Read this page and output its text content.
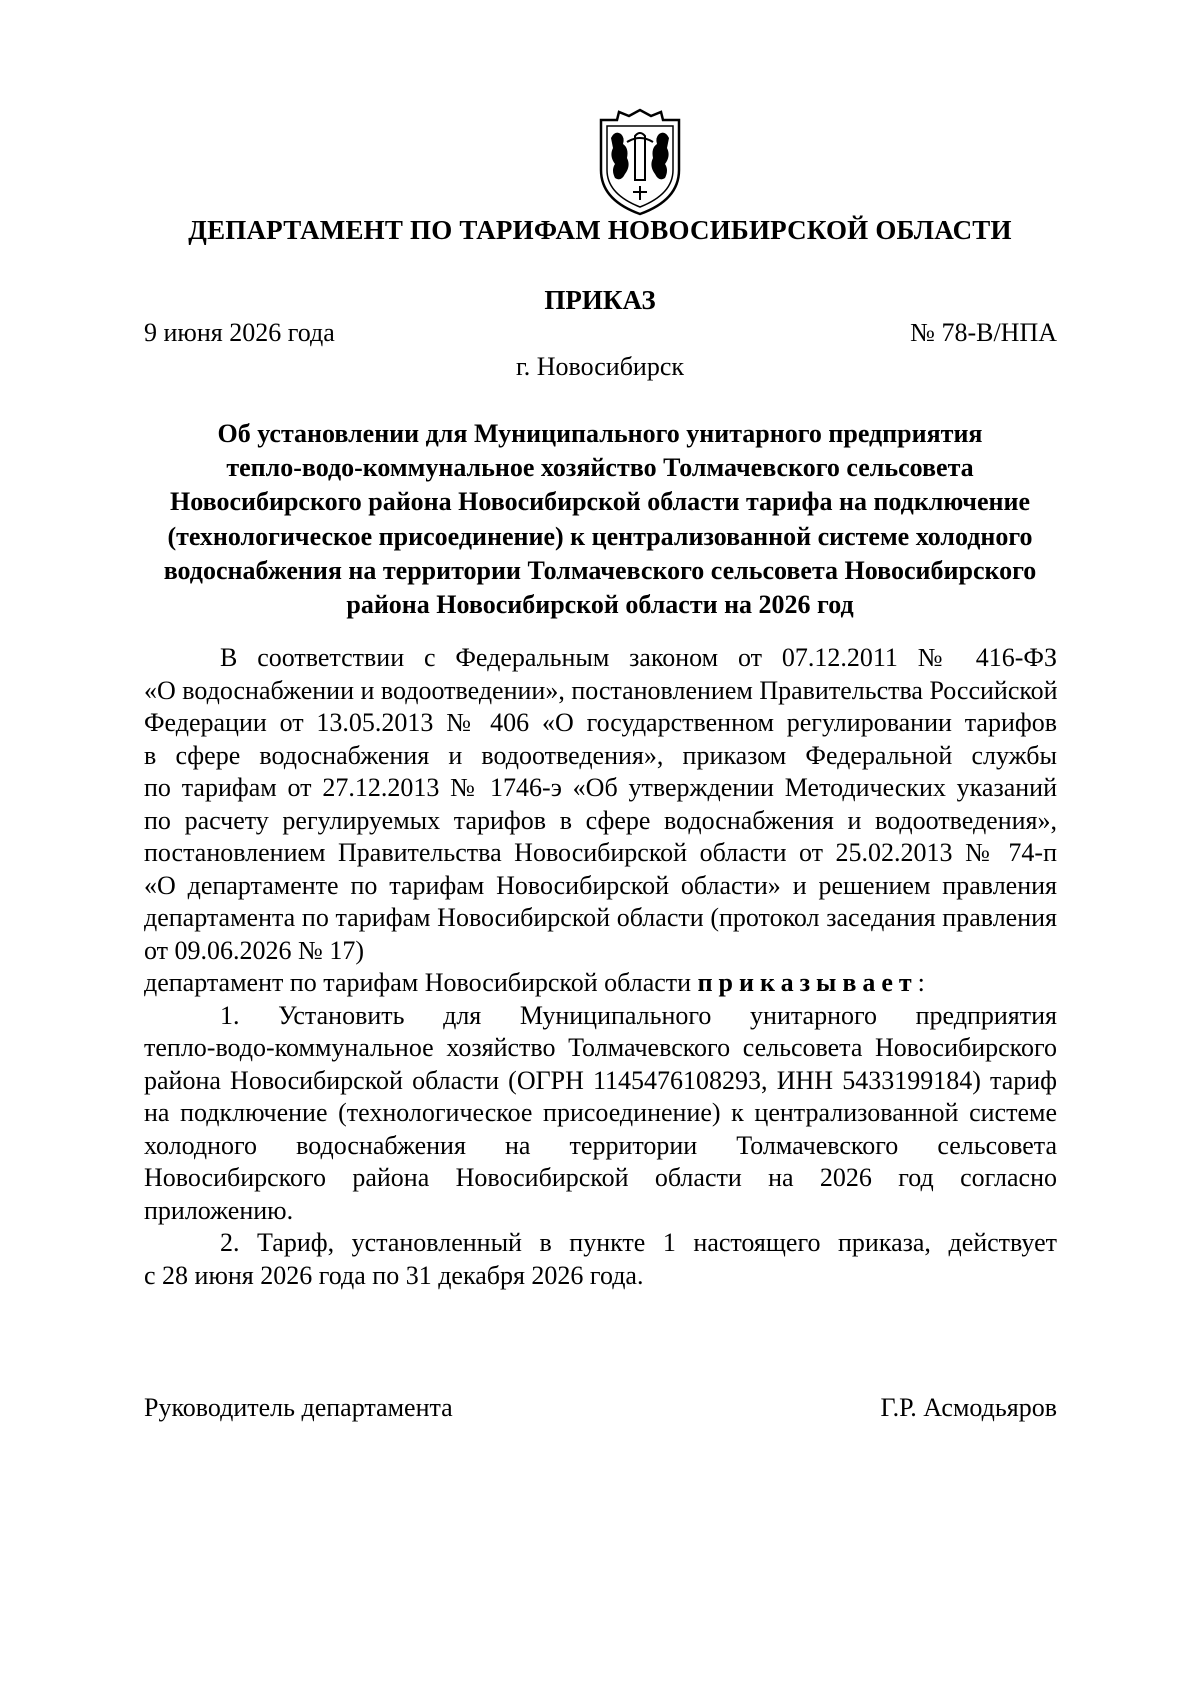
ДЕПАРТАМЕНТ ПО ТАРИФАМ НОВОСИБИРСКОЙ ОБЛАСТИ
ПРИКАЗ
9 июня 2026 года	№ 78-В/НПА
г. Новосибирск
Об установлении для Муниципального унитарного предприятия
тепло-водо-коммунальное хозяйство Толмачевского сельсовета
Новосибирского района Новосибирской области тарифа на подключение
(технологическое присоединение) к централизованной системе холодного
водоснабжения на территории Толмачевского сельсовета Новосибирского
района Новосибирской области на 2026 год
В соответствии с Федеральным законом от 07.12.2011 № 416-ФЗ
«О водоснабжении и водоотведении», постановлением Правительства Российской
Федерации от 13.05.2013 № 406 «О государственном регулировании тарифов
в сфере водоснабжения и водоотведения», приказом Федеральной службы
по тарифам от 27.12.2013 № 1746-э «Об утверждении Методических указаний
по расчету регулируемых тарифов в сфере водоснабжения и водоотведения»,
постановлением Правительства Новосибирской области от 25.02.2013 № 74-п
«О департаменте по тарифам Новосибирской области» и решением правления
департамента по тарифам Новосибирской области (протокол заседания правления
от 09.06.2026 № 17)
департамент по тарифам Новосибирской области приказывает:
1. Установить для Муниципального унитарного предприятия
тепло-водо-коммунальное хозяйство Толмачевского сельсовета Новосибирского
района Новосибирской области (ОГРН 1145476108293, ИНН 5433199184) тариф
на подключение (технологическое присоединение) к централизованной системе
холодного водоснабжения на территории Толмачевского сельсовета
Новосибирского района Новосибирской области на 2026 год согласно
приложению.
2. Тариф, установленный в пункте 1 настоящего приказа, действует
с 28 июня 2026 года по 31 декабря 2026 года.
Руководитель департамента	Г.Р. Асмодьяров
